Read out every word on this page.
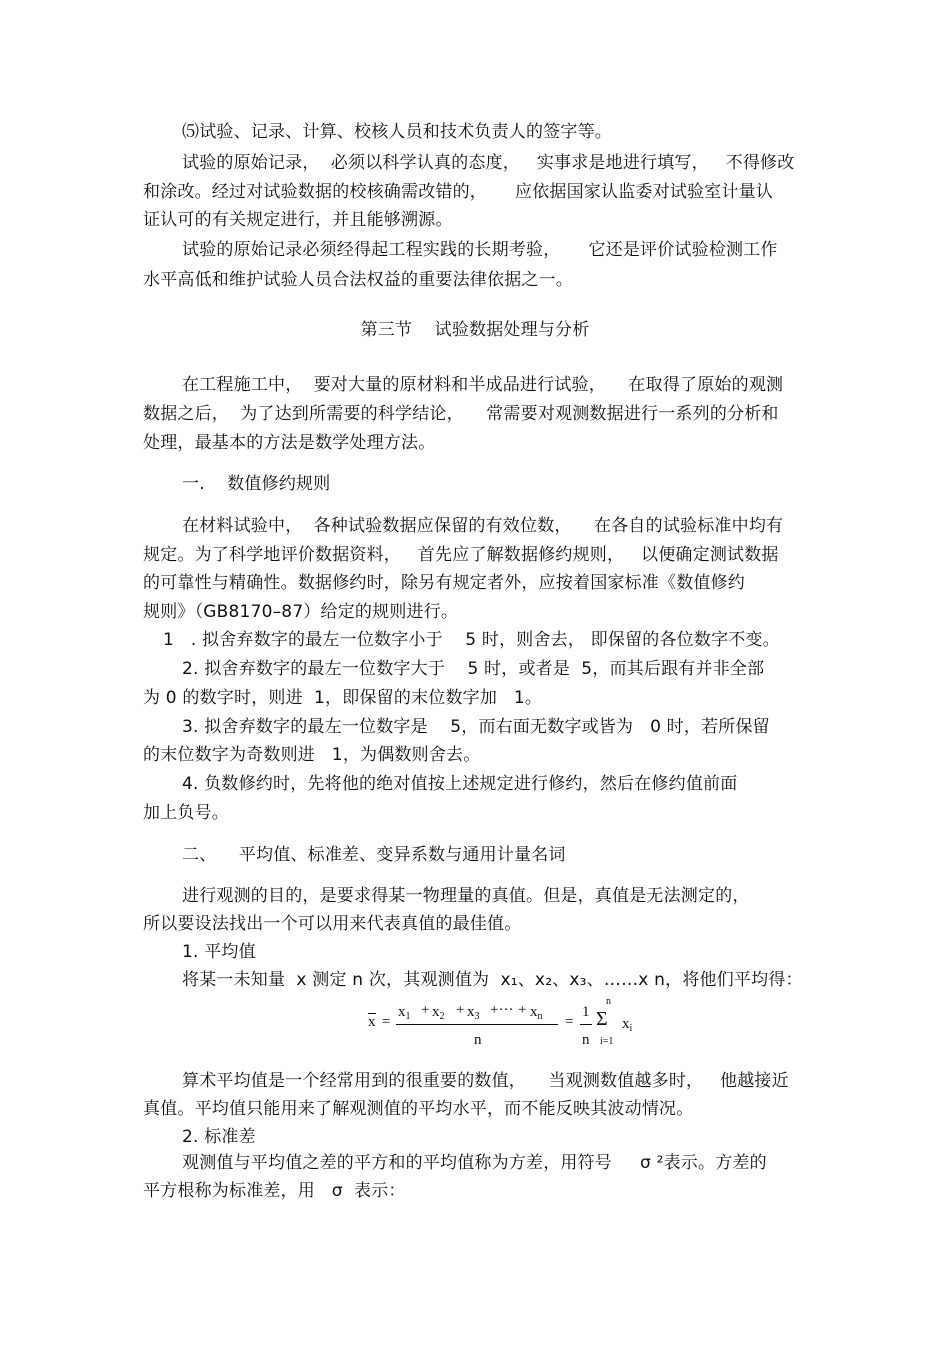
⑸试验、记录、计算、校核人员和技术负责人的签字等。
试验的原始记录，  必须以科学认真的态度，   实事求是地进行填写，   不得修改
和涂改。经过对试验数据的校核确需改错的，     应依据国家认监委对试验室计量认
证认可的有关规定进行，并且能够溯源。
试验的原始记录必须经得起工程实践的长期考验，     它还是评价试验检测工作
水平高低和维护试验人员合法权益的重要法律依据之一。
第三节    试验数据处理与分析
在工程施工中，  要对大量的原材料和半成品进行试验，    在取得了原始的观测
数据之后，  为了达到所需要的科学结论，    常需要对观测数据进行一系列的分析和
处理，最基本的方法是数学处理方法。
一.    数值修约规则
在材料试验中，  各种试验数据应保留的有效位数，    在各自的试验标准中均有
规定。为了科学地评价数据资料，   首先应了解数据修约规则，   以便确定测试数据
的可靠性与精确性。数据修约时，除另有规定者外，应按着国家标准《数值修约
规则》（GB8170–87）给定的规则进行。
1   . 拟舍弃数字的最左一位数字小于    5 时，则舍去， 即保留的各位数字不变。
2. 拟舍弃数字的最左一位数字大于    5 时，或者是  5，而其后跟有并非全部
为 0 的数字时，则进  1，即保留的末位数字加   1。
3. 拟舍弃数字的最左一位数字是    5，而右面无数字或皆为   0 时，若所保留
的末位数字为奇数则进   1，为偶数则舍去。
4. 负数修约时，先将他的绝对值按上述规定进行修约，然后在修约值前面
加上负号。
二、    平均值、标准差、变异系数与通用计量名词
进行观测的目的，是要求得某一物理量的真值。但是，真值是无法测定的，
所以要设法找出一个可以用来代表真值的最佳值。
1. 平均值
将某一未知量  x 测定 n 次，其观测值为  x₁、x₂、x₃、……x n，将他们平均得：
x =
$x_1 + x_2 + x_3$ +··· + $x_n$
n
=
1
n
n
Σ
i=1
$x_i$
算术平均值是一个经常用到的很重要的数值，    当观测数值越多时，   他越接近
真值。平均值只能用来了解观测值的平均水平，而不能反映其波动情况。
2. 标准差
观测值与平均值之差的平方和的平均值称为方差，用符号     σ ²表示。方差的
平方根称为标准差，用   σ  表示：
